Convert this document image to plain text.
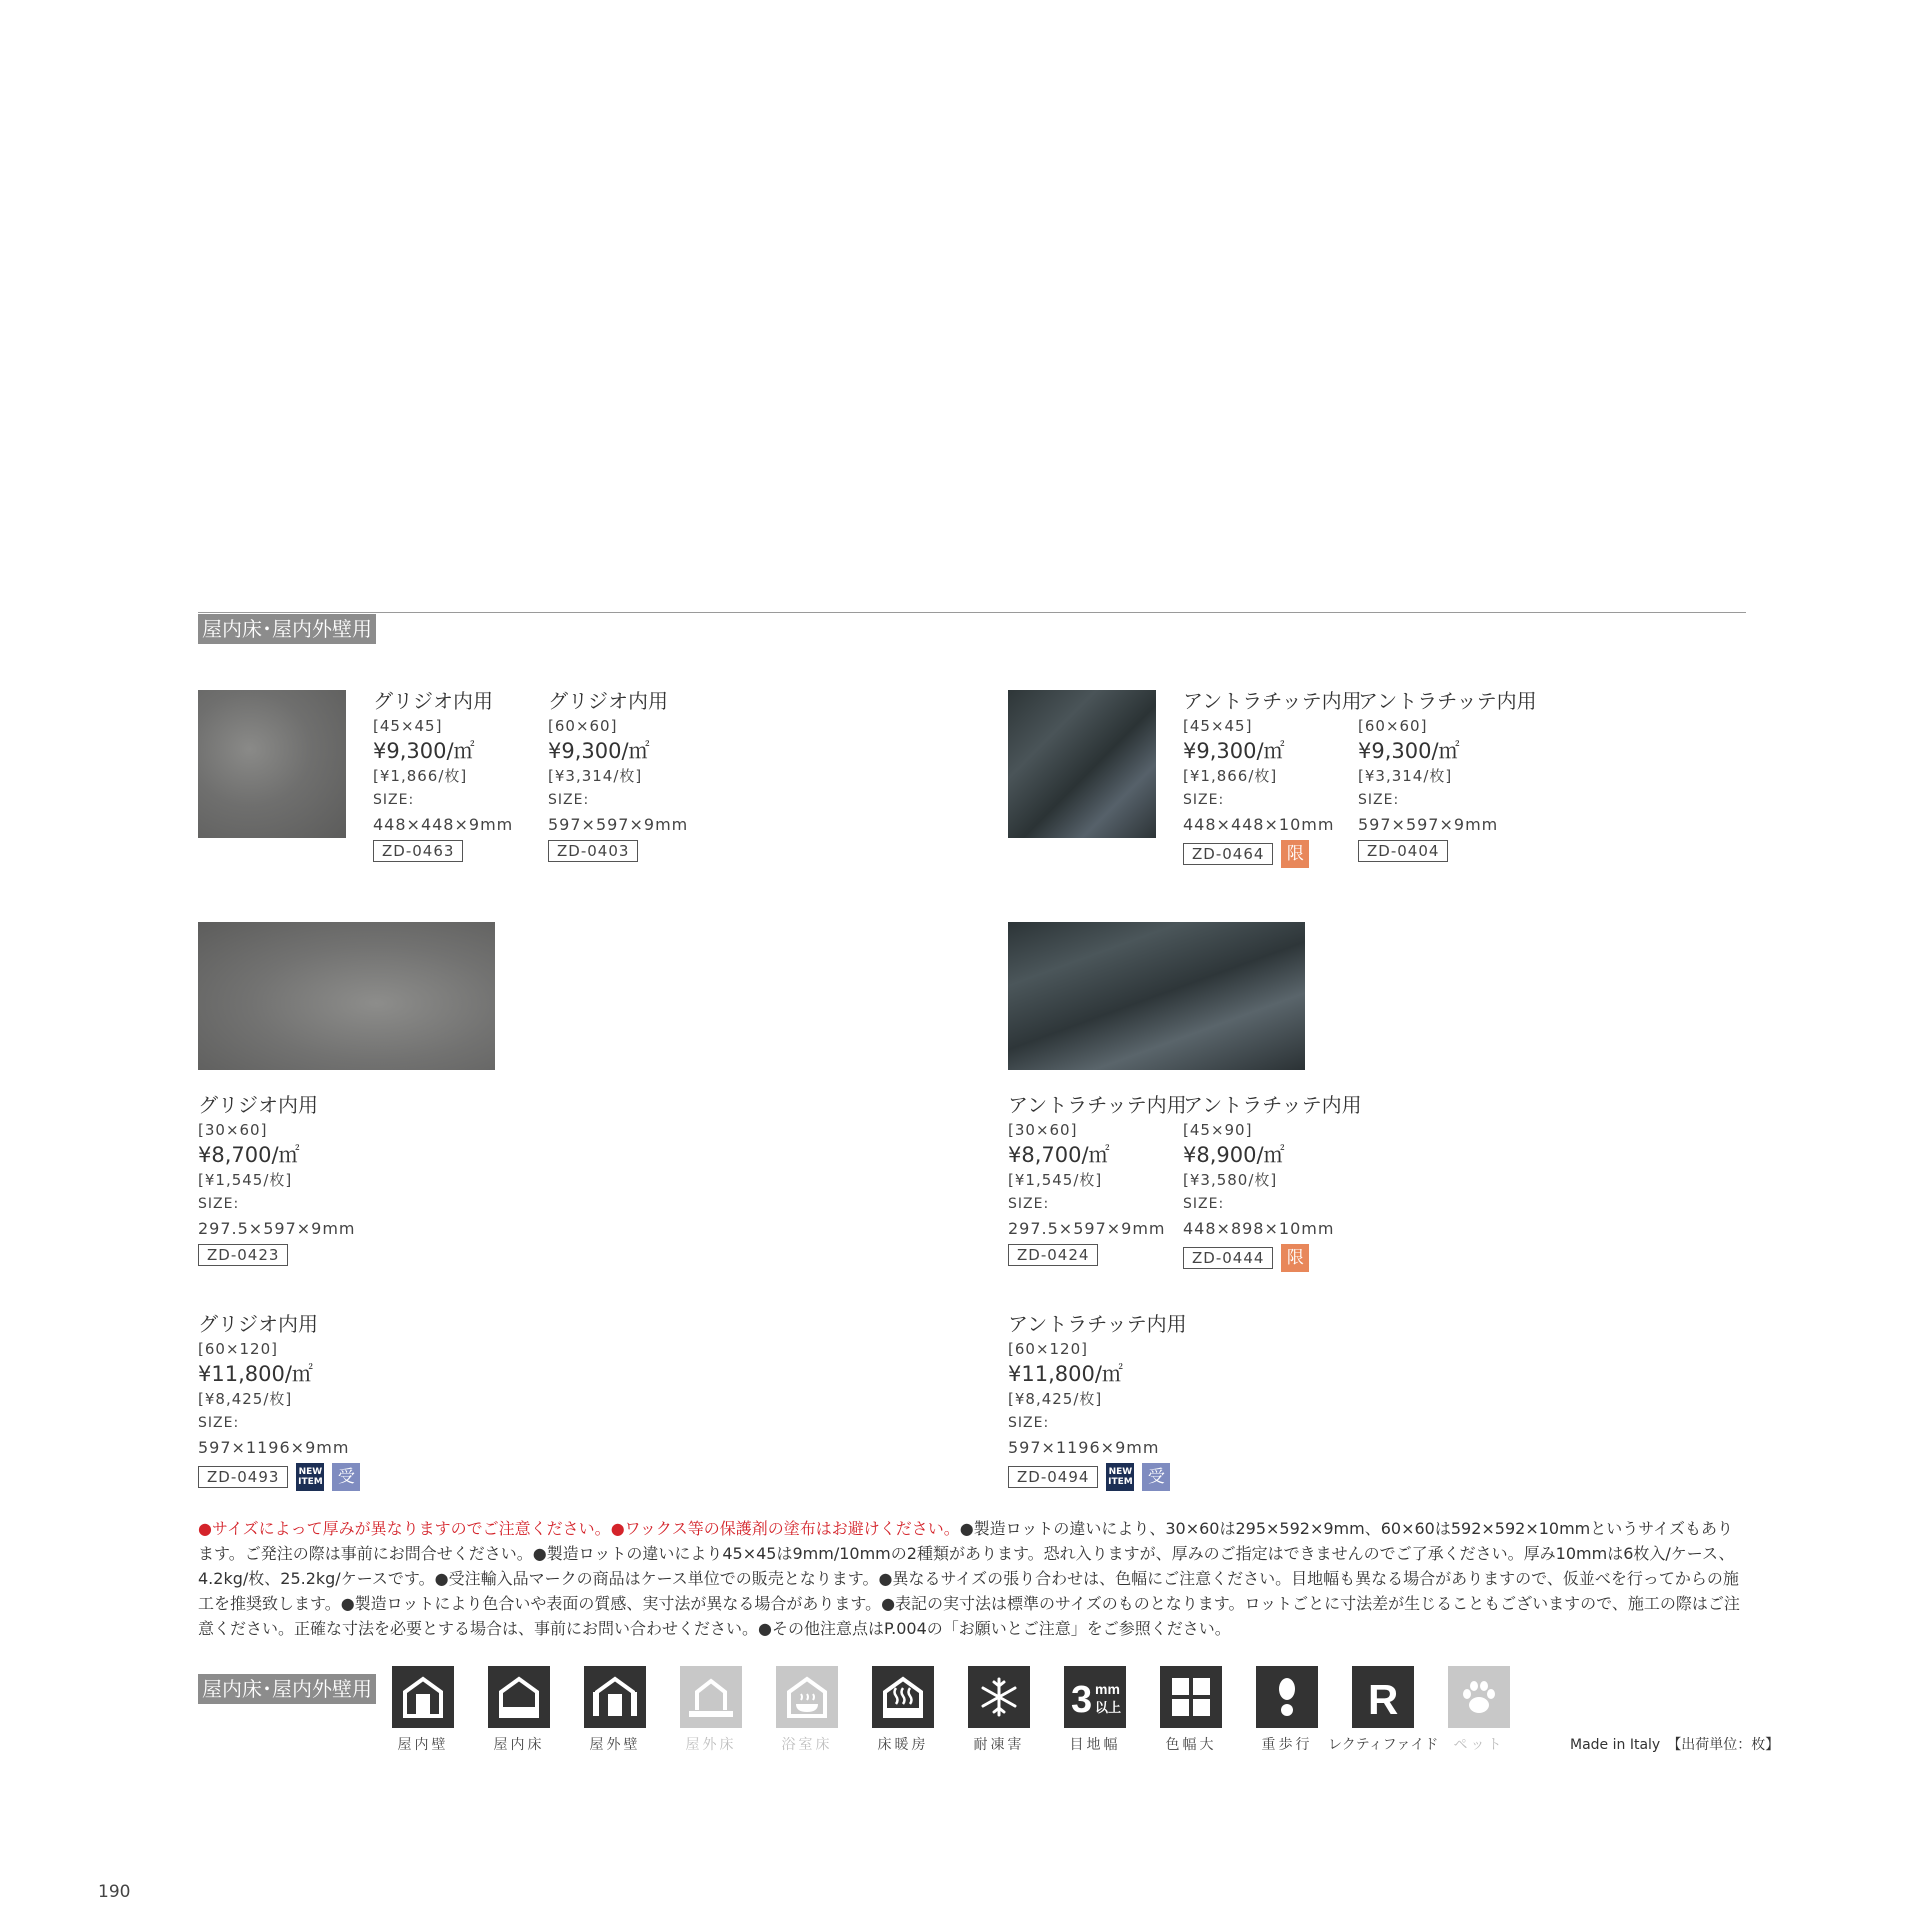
屋内床･屋内外壁用
グリジオ内用
[45×45]
¥9,300/㎡
[¥1,866/枚]
SIZE:
448×448×9mm
ZD-0463
グリジオ内用
[60×60]
¥9,300/㎡
[¥3,314/枚]
SIZE:
597×597×9mm
ZD-0403
アントラチッテ内用
[45×45]
¥9,300/㎡
[¥1,866/枚]
SIZE:
448×448×10mm
ZD-0464	限
アントラチッテ内用
[60×60]
¥9,300/㎡
[¥3,314/枚]
SIZE:
597×597×9mm
ZD-0404
グリジオ内用
[30×60]
¥8,700/㎡
[¥1,545/枚]
SIZE:
297.5×597×9mm
ZD-0423
アントラチッテ内用
[30×60]
¥8,700/㎡
[¥1,545/枚]
SIZE:
297.5×597×9mm
ZD-0424
アントラチッテ内用
[45×90]
¥8,900/㎡
[¥3,580/枚]
SIZE:
448×898×10mm
ZD-0444	限
グリジオ内用
[60×120]
¥11,800/㎡
[¥8,425/枚]
SIZE:
597×1196×9mm
ZD-0493	NEW
ITEM 受
アントラチッテ内用
[60×120]
¥11,800/㎡
[¥8,425/枚]
SIZE:
597×1196×9mm
ZD-0494	NEW
ITEM 受
●サイズによって厚みが異なりますのでご注意ください。●ワックス等の保護剤の塗布はお避けください。●製造ロットの違いにより、30×60は295×592×9mm、60×60は592×592×10mmというサイズもあります。ご発注の際は事前にお問合せください。●製造ロットの違いにより45×45は9mm/10mmの2種類があります。恐れ入りますが、厚みのご指定はできませんのでご了承ください。厚み10mmは6枚入/ケース、4.2kg/枚、25.2kg/ケースです。●受注輸入品マークの商品はケース単位での販売となります。●異なるサイズの張り合わせは、色幅にご注意ください。目地幅も異なる場合がありますので、仮並べを行ってからの施工を推奨致します。●製造ロットにより色合いや表面の質感、実寸法が異なる場合があります。●表記の実寸法は標準のサイズのものとなります。ロットごとに寸法差が生じることもございますので、施工の際はご注意ください。正確な寸法を必要とする場合は、事前にお問い合わせください。●その他注意点はP.004の「お願いとご注意」をご参照ください。
屋内床･屋内外壁用	3 mm
以上	R
屋内壁	屋内床	屋外壁	屋外床	浴室床	床暖房	耐凍害	目地幅	色幅大	重歩行	レクティファイド	ペット	Made in Italy　【出荷単位：枚】
190
